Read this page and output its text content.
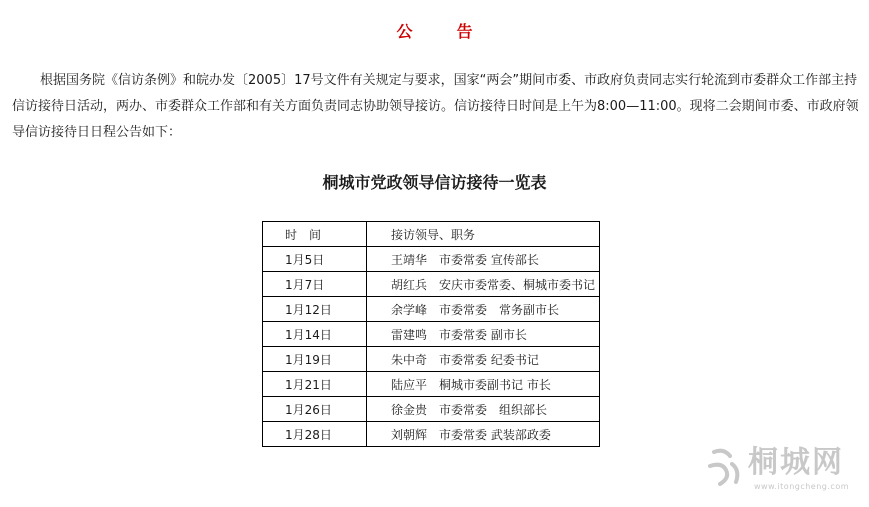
公告

根据国务院《信访条例》和皖办发〔2005〕17号文件有关规定与要求，国家“两会”期间市委、市政府负责同志实行轮流到市委群众工作部主持信访接待日活动，两办、市委群众工作部和有关方面负责同志协助领导接访。信访接待日时间是上午为8:00—11:00。现将二会期间市委、市政府领导信访接待日日程公告如下：

桐城市党政领导信访接待一览表
时间	接访领导、职务
1月5日	王靖华　市委常委 宣传部长
1月7日	胡红兵　安庆市委常委、桐城市委书记
1月12日	余学峰　市委常委　常务副市长
1月14日	雷建鸣　市委常委 副市长
1月19日	朱中奇　市委常委 纪委书记
1月21日	陆应平　桐城市委副书记 市长
1月26日	徐金贵　市委常委　组织部长
1月28日	刘朝辉　市委常委 武装部政委
桐城网
www.itongcheng.com
